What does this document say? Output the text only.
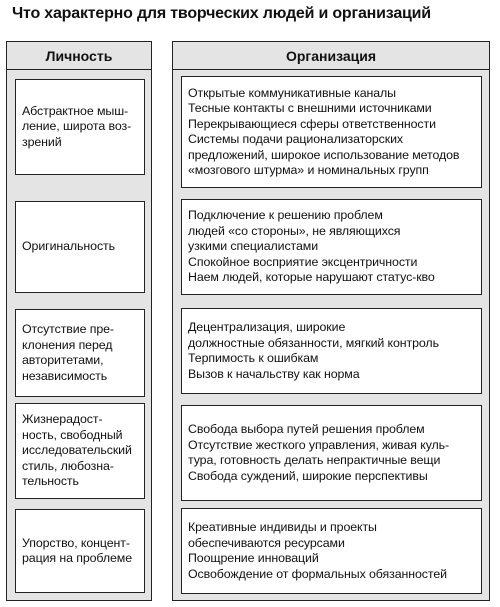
Что характерно для творческих людей и организаций
Личность
Абстрактное мыш-
ление, широта воз-
зрений
Оригинальность
Отсутствие пре-
клонения перед
авторитетами,
независимость
Жизнерадост-
ность, свободный
исследовательский
стиль, любозна-
тельность
Упорство, концент-
рация на проблеме
Организация
Открытые коммуникативные каналы
Тесные контакты с внешними источниками
Перекрывающиеся сферы ответственности
Системы подачи рационализаторских
предложений, широкое использование методов
«мозгового штурма» и номинальных групп
Подключение к решению проблем
людей «со стороны», не являющихся
узкими специалистами
Спокойное восприятие эксцентричности
Наем людей, которые нарушают статус-кво
Децентрализация, широкие
должностные обязанности, мягкий контроль
Терпимость к ошибкам
Вызов к начальству как норма
Свобода выбора путей решения проблем
Отсутствие жесткого управления, живая куль-
тура, готовность делать непрактичные вещи
Свобода суждений, широкие перспективы
Креативные индивиды и проекты
обеспечиваются ресурсами
Поощрение инноваций
Освобождение от формальных обязанностей
